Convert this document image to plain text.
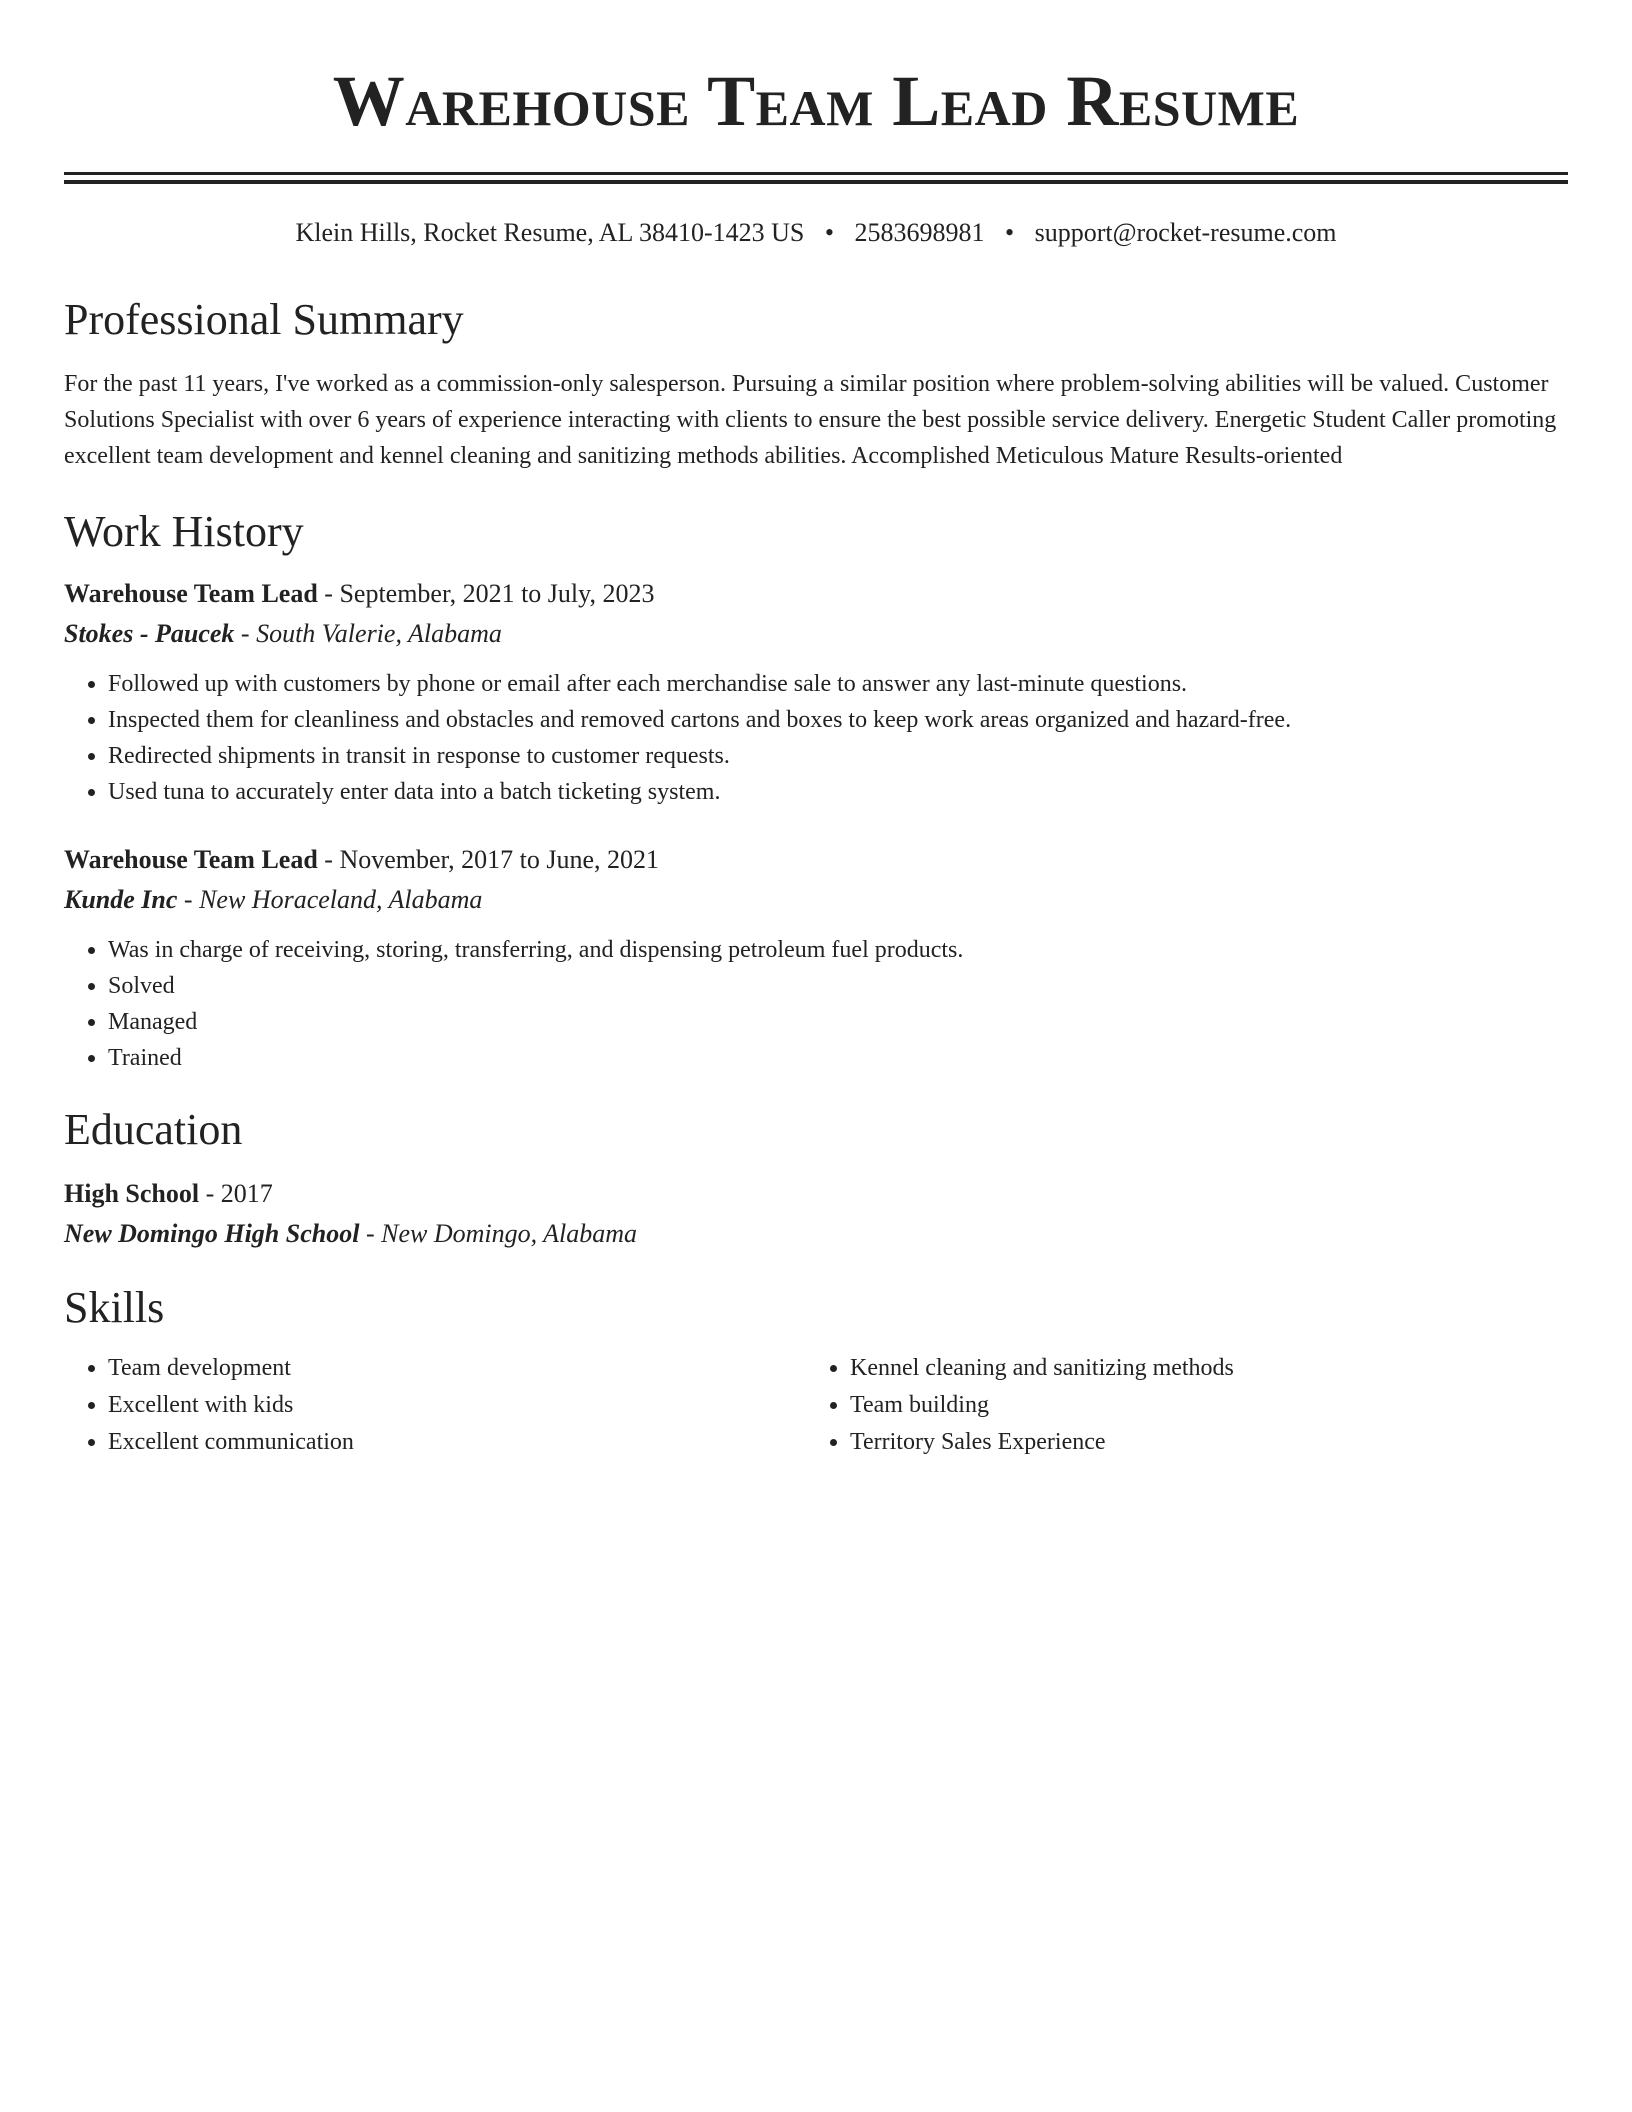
Warehouse Team Lead Resume
Klein Hills, Rocket Resume, AL 38410-1423 US • 2583698981 • support@rocket-resume.com
Professional Summary
For the past 11 years, I've worked as a commission-only salesperson. Pursuing a similar position where problem-solving abilities will be valued. Customer Solutions Specialist with over 6 years of experience interacting with clients to ensure the best possible service delivery. Energetic Student Caller promoting excellent team development and kennel cleaning and sanitizing methods abilities. Accomplished Meticulous Mature Results-oriented
Work History
Warehouse Team Lead - September, 2021 to July, 2023
Stokes - Paucek - South Valerie, Alabama
• Followed up with customers by phone or email after each merchandise sale to answer any last-minute questions.
• Inspected them for cleanliness and obstacles and removed cartons and boxes to keep work areas organized and hazard-free.
• Redirected shipments in transit in response to customer requests.
• Used tuna to accurately enter data into a batch ticketing system.
Warehouse Team Lead - November, 2017 to June, 2021
Kunde Inc - New Horaceland, Alabama
• Was in charge of receiving, storing, transferring, and dispensing petroleum fuel products.
• Solved
• Managed
• Trained
Education
High School - 2017
New Domingo High School - New Domingo, Alabama
Skills
• Team development
• Excellent with kids
• Excellent communication
• Kennel cleaning and sanitizing methods
• Team building
• Territory Sales Experience
